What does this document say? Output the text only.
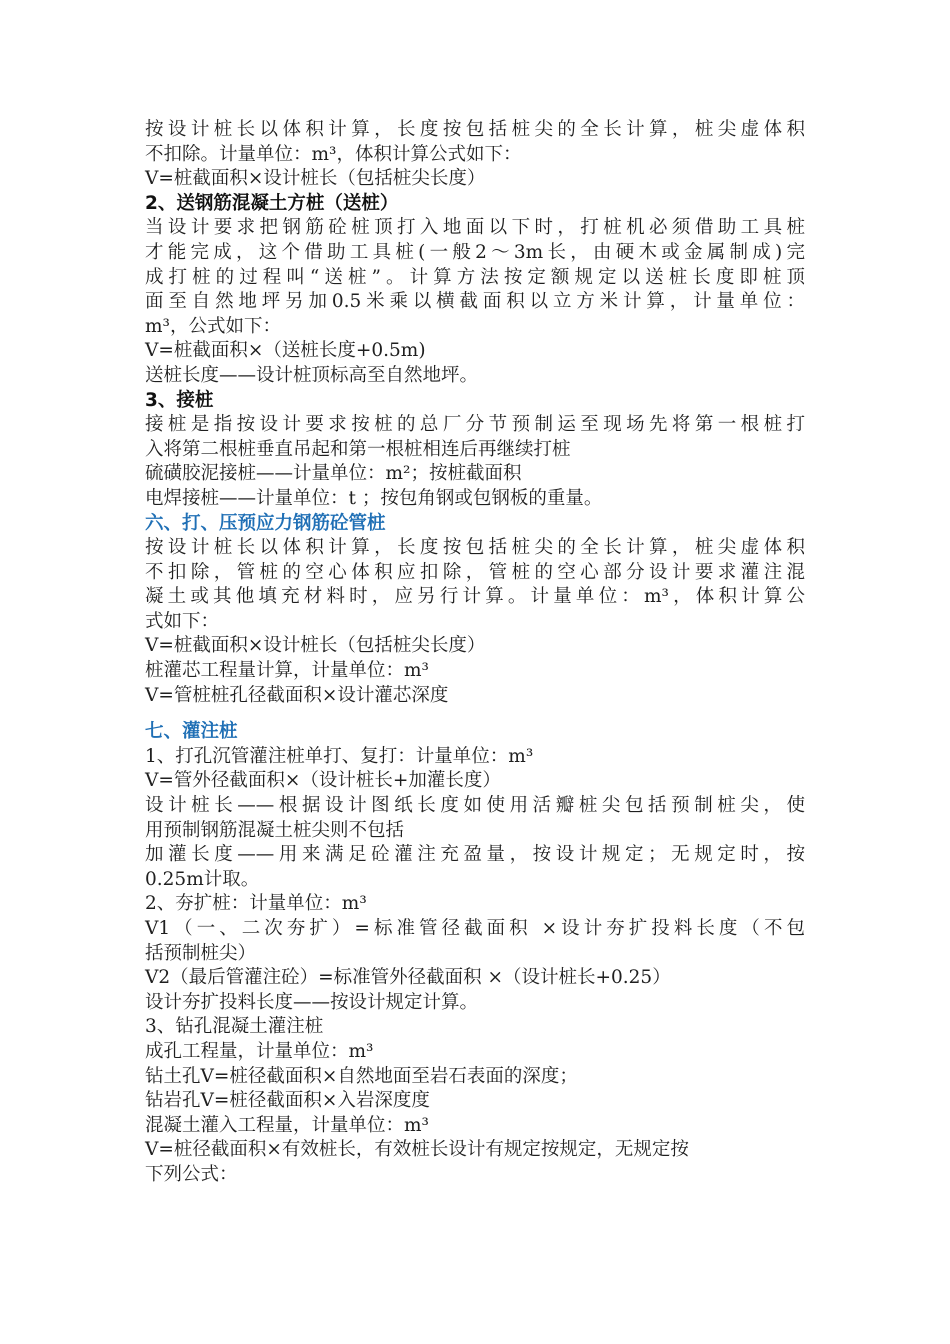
按设计桩长以体积计算，长度按包括桩尖的全长计算，桩尖虚体积
不扣除。计量单位：m³，体积计算公式如下：
V=桩截面积×设计桩长（包括桩尖长度）
2、送钢筋混凝土方桩（送桩）
当设计要求把钢筋砼桩顶打入地面以下时，打桩机必须借助工具桩
才能完成，这个借助工具桩(一般2～3m长，由硬木或金属制成)完
成打桩的过程叫“送桩”。计算方法按定额规定以送桩长度即桩顶
面至自然地坪另加0.5米乘以横截面积以立方米计算，计量单位：
m³，公式如下：
V=桩截面积×（送桩长度+0.5m)
送桩长度——设计桩顶标高至自然地坪。
3、接桩
接桩是指按设计要求按桩的总厂分节预制运至现场先将第一根桩打
入将第二根桩垂直吊起和第一根桩相连后再继续打桩
硫磺胶泥接桩——计量单位：m²；按桩截面积
电焊接桩——计量单位：t ；按包角钢或包钢板的重量。
六、打、压预应力钢筋砼管桩
按设计桩长以体积计算，长度按包括桩尖的全长计算，桩尖虚体积
不扣除，管桩的空心体积应扣除，管桩的空心部分设计要求灌注混
凝土或其他填充材料时，应另行计算。计量单位：m³，体积计算公
式如下：
V=桩截面积×设计桩长（包括桩尖长度）
桩灌芯工程量计算，计量单位：m³
V=管桩桩孔径截面积×设计灌芯深度
七、灌注桩
1、打孔沉管灌注桩单打、复打：计量单位：m³
V=管外径截面积×（设计桩长+加灌长度）
设计桩长——根据设计图纸长度如使用活瓣桩尖包括预制桩尖，使
用预制钢筋混凝土桩尖则不包括
加灌长度——用来满足砼灌注充盈量，按设计规定；无规定时，按
0.25m计取。
2、夯扩桩：计量单位：m³
V1（一、二次夯扩）=标准管径截面积 ×设计夯扩投料长度（不包
括预制桩尖）
V2（最后管灌注砼）=标准管外径截面积 ×（设计桩长+0.25）
设计夯扩投料长度——按设计规定计算。
3、钻孔混凝土灌注桩
成孔工程量，计量单位：m³
钻土孔V=桩径截面积×自然地面至岩石表面的深度；
钻岩孔V=桩径截面积×入岩深度度
混凝土灌入工程量，计量单位：m³
V=桩径截面积×有效桩长，有效桩长设计有规定按规定，无规定按
下列公式：
